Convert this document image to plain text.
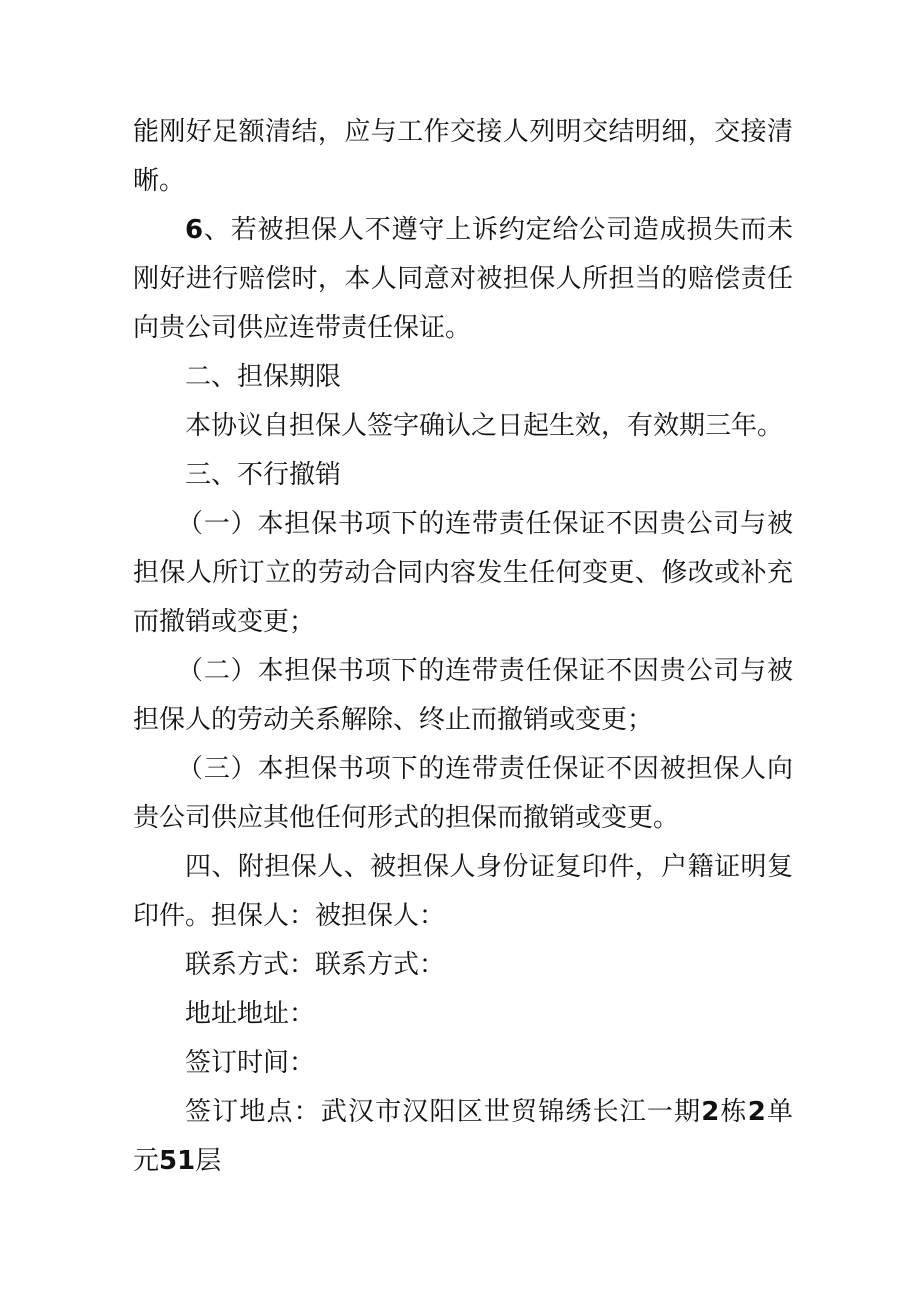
能刚好足额清结，应与工作交接人列明交结明细，交接清晰。

6、若被担保人不遵守上诉约定给公司造成损失而未刚好进行赔偿时，本人同意对被担保人所担当的赔偿责任向贵公司供应连带责任保证。

二、担保期限

本协议自担保人签字确认之日起生效，有效期三年。

三、不行撤销

（一）本担保书项下的连带责任保证不因贵公司与被担保人所订立的劳动合同内容发生任何变更、修改或补充而撤销或变更；

（二）本担保书项下的连带责任保证不因贵公司与被担保人的劳动关系解除、终止而撤销或变更；

（三）本担保书项下的连带责任保证不因被担保人向贵公司供应其他任何形式的担保而撤销或变更。

四、附担保人、被担保人身份证复印件，户籍证明复印件。担保人：被担保人：

联系方式：联系方式：

地址地址：

签订时间：

签订地点：武汉市汉阳区世贸锦绣长江一期2栋2单元51层
